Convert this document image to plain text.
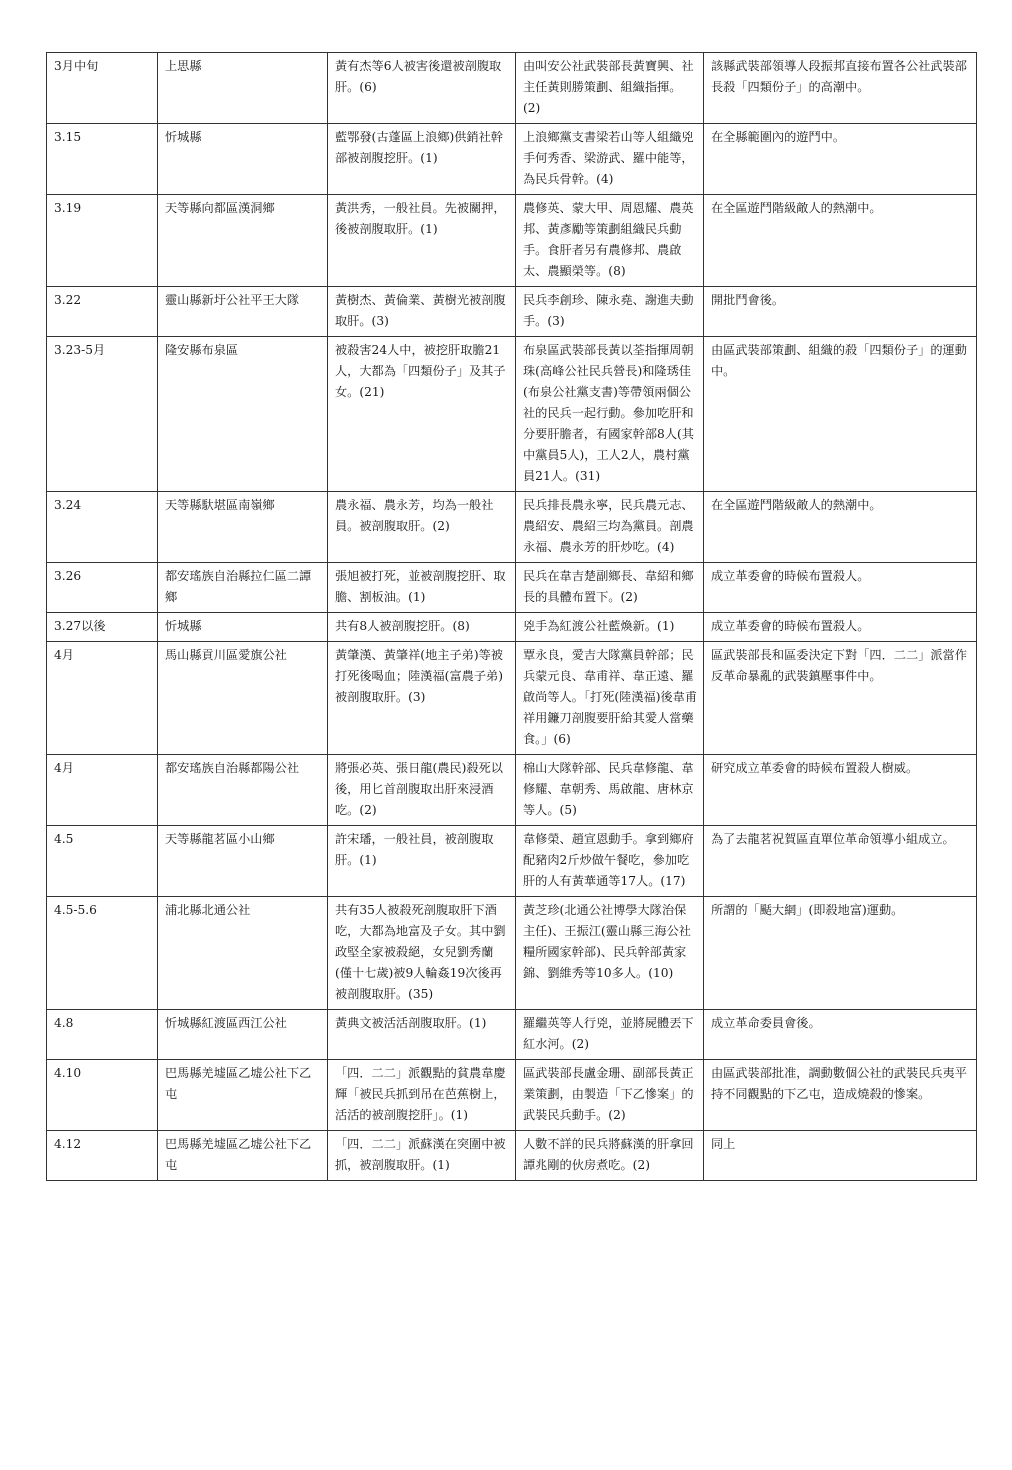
3月中旬	上思縣	黃有杰等6人被害後還被剖腹取肝。(6)	由叫安公社武裝部長黃寶興、社主任黃則勝策劃、組織指揮。(2)	該縣武裝部領導人段振邦直接布置各公社武裝部長殺「四類份子」的高潮中。
3.15	忻城縣	藍鄂發(古蓬區上浪鄉)供銷社幹部被剖腹挖肝。(1)	上浪鄉黨支書梁若山等人組織兇手何秀香、梁游武、羅中能等，為民兵骨幹。(4)	在全縣範圍內的遊鬥中。
3.19	天等縣向都區漢洞鄉	黃洪秀，一般社員。先被關押，後被剖腹取肝。(1)	農修英、蒙大甲、周恩耀、農英邦、黃彥勵等策劃組織民兵動手。食肝者另有農修邦、農啟太、農顯榮等。(8)	在全區遊鬥階級敵人的熱潮中。
3.22	靈山縣新圩公社平王大隊	黃樹杰、黃倫業、黃樹光被剖腹取肝。(3)	民兵李創珍、陳永堯、謝進夫動手。(3)	開批鬥會後。
3.23-5月	隆安縣布泉區	被殺害24人中，被挖肝取膽21人，大都為「四類份子」及其子女。(21)	布泉區武裝部長黃以荃指揮周朝珠(高峰公社民兵營長)和隆琇佳(布泉公社黨支書)等帶領兩個公社的民兵一起行動。參加吃肝和分要肝膽者，有國家幹部8人(其中黨員5人)，工人2人，農村黨員21人。(31)	由區武裝部策劃、組織的殺「四類份子」的運動中。
3.24	天等縣馱堪區南嶺鄉	農永福、農永芳，均為一般社員。被剖腹取肝。(2)	民兵排長農永寧，民兵農元志、農紹安、農紹三均為黨員。剖農永福、農永芳的肝炒吃。(4)	在全區遊鬥階級敵人的熱潮中。
3.26	都安瑤族自治縣拉仁區二譚鄉	張旭被打死，並被剖腹挖肝、取膽、割板油。(1)	民兵在韋吉楚副鄉長、韋紹和鄉長的具體布置下。(2)	成立革委會的時候布置殺人。
3.27以後	忻城縣	共有8人被剖腹挖肝。(8)	兇手為紅渡公社藍煥新。(1)	成立革委會的時候布置殺人。
4月	馬山縣貢川區愛旗公社	黃肇漢、黃肇祥(地主子弟)等被打死後喝血；陸漢福(富農子弟)被剖腹取肝。(3)	覃永良，愛吉大隊黨員幹部；民兵蒙元良、韋甫祥、韋正遠、羅啟尚等人。「打死(陸漢福)後韋甫祥用鐮刀剖腹要肝給其愛人當藥食。」(6)	區武裝部長和區委決定下對「四．二二」派當作反革命暴亂的武裝鎮壓事件中。
4月	都安瑤族自治縣都陽公社	將張必英、張日龍(農民)殺死以後，用匕首剖腹取出肝來浸酒吃。(2)	棉山大隊幹部、民兵韋修龍、韋修耀、韋朝秀、馬啟龍、唐林京等人。(5)	研究成立革委會的時候布置殺人樹威。
4.5	天等縣龍茗區小山鄉	許宋璠，一般社員，被剖腹取肝。(1)	韋修榮、趙宣恩動手。拿到鄉府配豬肉2斤炒做午餐吃，參加吃肝的人有黃華通等17人。(17)	為了去龍茗祝賀區直單位革命領導小組成立。
4.5-5.6	浦北縣北通公社	共有35人被殺死剖腹取肝下酒吃，大都為地富及子女。其中劉政堅全家被殺絕，女兒劉秀蘭(僅十七歲)被9人輪姦19次後再被剖腹取肝。(35)	黃芝珍(北通公社博學大隊治保主任)、王振江(靈山縣三海公社糧所國家幹部)、民兵幹部黃家錦、劉維秀等10多人。(10)	所謂的「颳大網」(即殺地富)運動。
4.8	忻城縣紅渡區西江公社	黃典文被活活剖腹取肝。(1)	羅繼英等人行兇，並將屍體丟下紅水河。(2)	成立革命委員會後。
4.10	巴馬縣羌墟區乙墟公社下乙屯	「四．二二」派觀點的貧農韋慶輝「被民兵抓到吊在芭蕉樹上，活活的被剖腹挖肝」。(1)	區武裝部長盧金珊、副部長黃正業策劃，由製造「下乙慘案」的武裝民兵動手。(2)	由區武裝部批准，調動數個公社的武裝民兵夷平持不同觀點的下乙屯，造成燒殺的慘案。
4.12	巴馬縣羌墟區乙墟公社下乙屯	「四．二二」派蘇漢在突圍中被抓，被剖腹取肝。(1)	人數不詳的民兵將蘇漢的肝拿回譚兆剛的伙房煮吃。(2)	同上
